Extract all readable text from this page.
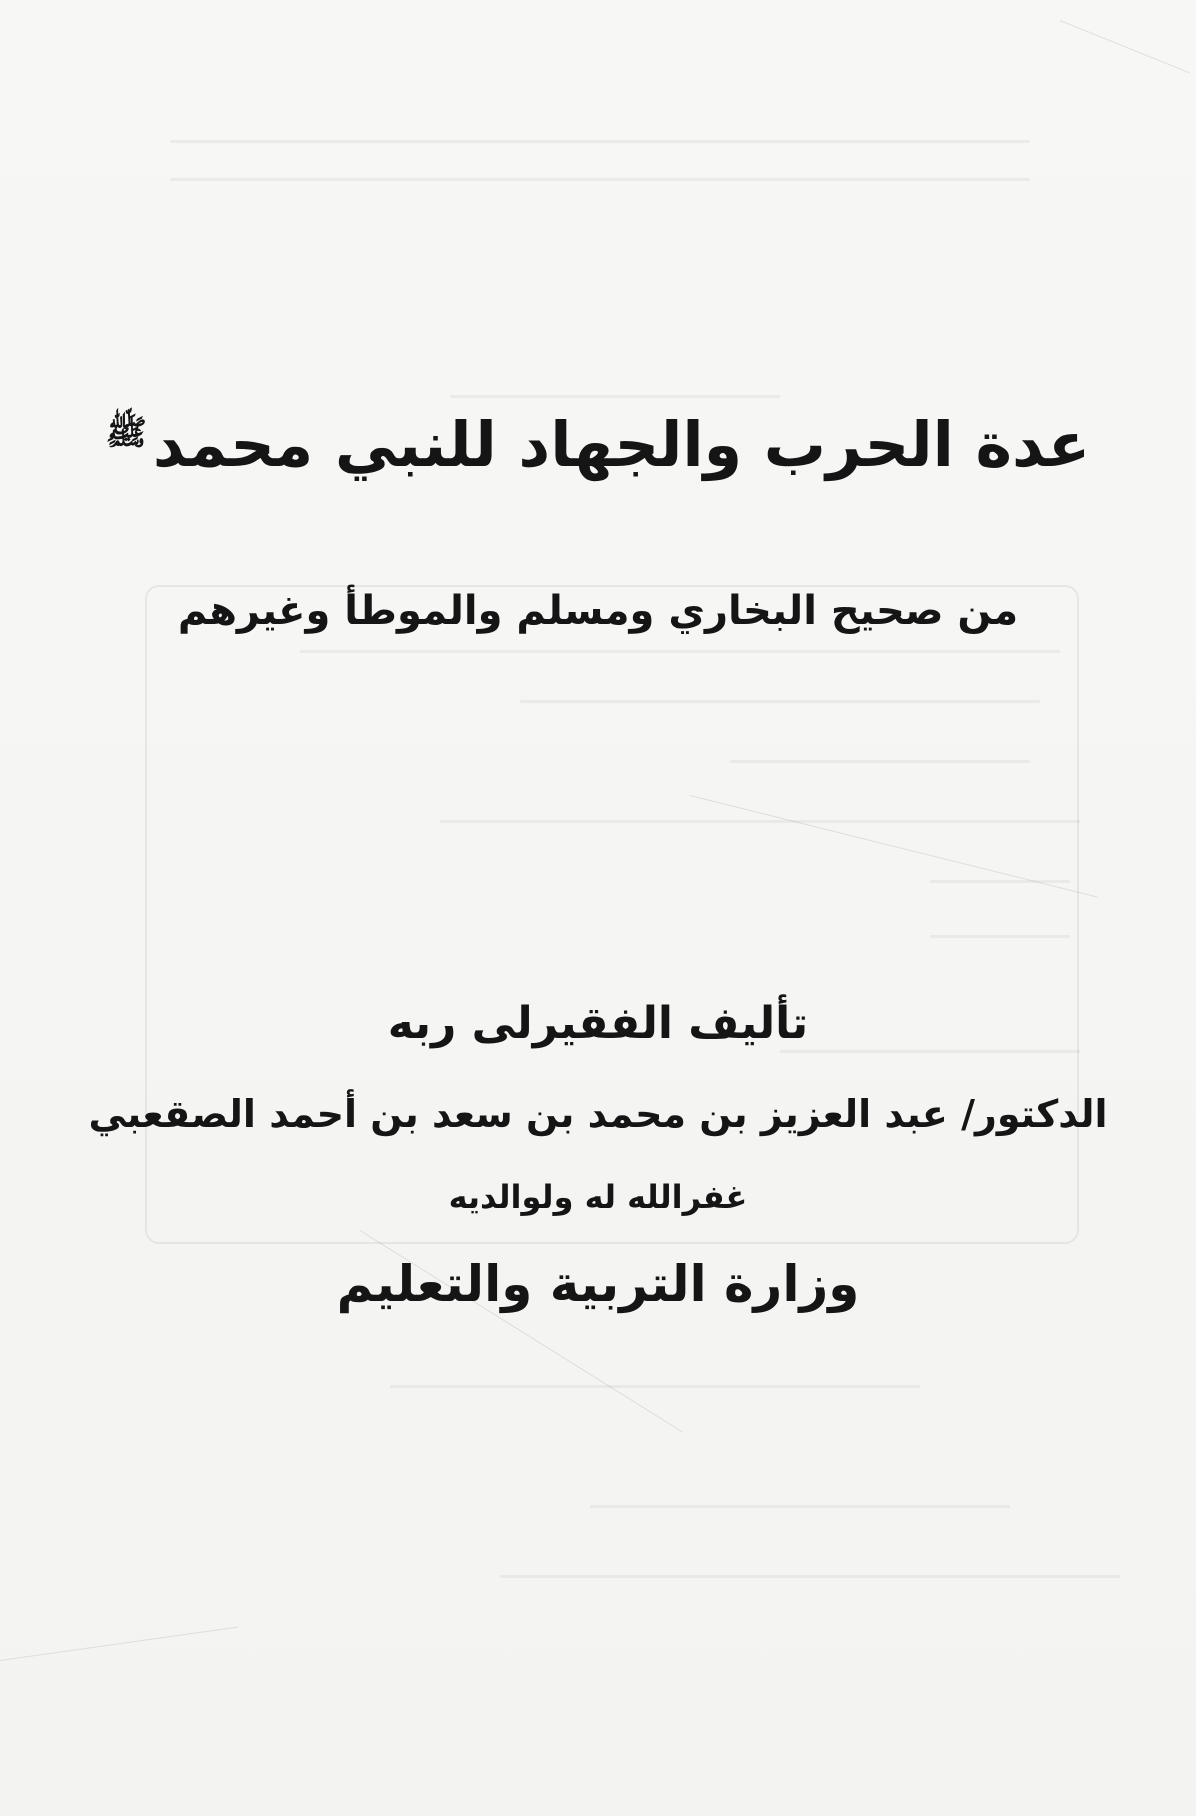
عدة الحرب والجهاد للنبي محمدﷺ
من صحيح البخاري ومسلم والموطأ وغيرهم
تأليف الفقيرلى ربه
الدكتور/ عبد العزيز بن محمد بن سعد بن أحمد الصقعبي
غفرالله له ولوالديه
وزارة التربية والتعليم
